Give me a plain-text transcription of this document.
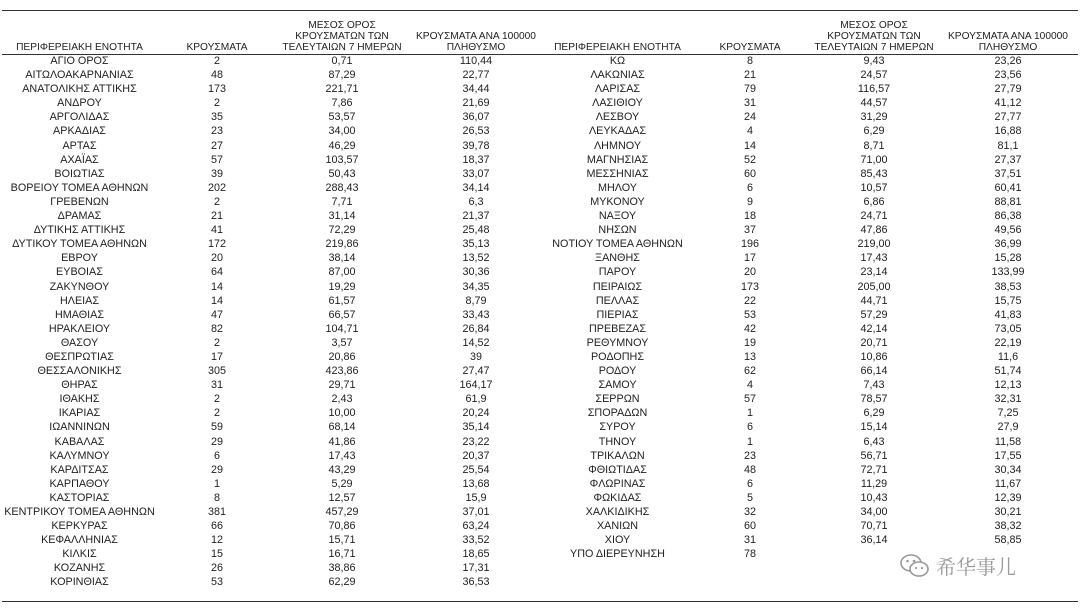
ΠΕΡΙΦΕΡΕΙΑΚΗ ΕΝΟΤΗΤΑ	ΚΡΟΥΣΜΑΤΑ	ΜΕΣΟΣ ΟΡΟΣ ΚΡΟΥΣΜΑΤΩΝ ΤΩΝ ΤΕΛΕΥΤΑΙΩΝ 7 ΗΜΕΡΩΝ	ΚΡΟΥΣΜΑΤΑ ΑΝΑ 100000 ΠΛΗΘΥΣΜΟ
ΑΓΙΟ ΟΡΟΣ	2	0,71	110,44
ΑΙΤΩΛΟΑΚΑΡΝΑΝΙΑΣ	48	87,29	22,77
ΑΝΑΤΟΛΙΚΗΣ ΑΤΤΙΚΗΣ	173	221,71	34,44
ΑΝΔΡΟΥ	2	7,86	21,69
ΑΡΓΟΛΙΔΑΣ	35	53,57	36,07
ΑΡΚΑΔΙΑΣ	23	34,00	26,53
ΑΡΤΑΣ	27	46,29	39,78
ΑΧΑΪΑΣ	57	103,57	18,37
ΒΟΙΩΤΙΑΣ	39	50,43	33,07
ΒΟΡΕΙΟΥ ΤΟΜΕΑ ΑΘΗΝΩΝ	202	288,43	34,14
ΓΡΕΒΕΝΩΝ	2	7,71	6,3
ΔΡΑΜΑΣ	21	31,14	21,37
ΔΥΤΙΚΗΣ ΑΤΤΙΚΗΣ	41	72,29	25,48
ΔΥΤΙΚΟΥ ΤΟΜΕΑ ΑΘΗΝΩΝ	172	219,86	35,13
ΕΒΡΟΥ	20	38,14	13,52
ΕΥΒΟΙΑΣ	64	87,00	30,36
ΖΑΚΥΝΘΟΥ	14	19,29	34,35
ΗΛΕΙΑΣ	14	61,57	8,79
ΗΜΑΘΙΑΣ	47	66,57	33,43
ΗΡΑΚΛΕΙΟΥ	82	104,71	26,84
ΘΑΣΟΥ	2	3,57	14,52
ΘΕΣΠΡΩΤΙΑΣ	17	20,86	39
ΘΕΣΣΑΛΟΝΙΚΗΣ	305	423,86	27,47
ΘΗΡΑΣ	31	29,71	164,17
ΙΘΑΚΗΣ	2	2,43	61,9
ΙΚΑΡΙΑΣ	2	10,00	20,24
ΙΩΑΝΝΙΝΩΝ	59	68,14	35,14
ΚΑΒΑΛΑΣ	29	41,86	23,22
ΚΑΛΥΜΝΟΥ	6	17,43	20,37
ΚΑΡΔΙΤΣΑΣ	29	43,29	25,54
ΚΑΡΠΑΘΟΥ	1	5,29	13,68
ΚΑΣΤΟΡΙΑΣ	8	12,57	15,9
ΚΕΝΤΡΙΚΟΥ ΤΟΜΕΑ ΑΘΗΝΩΝ	381	457,29	37,01
ΚΕΡΚΥΡΑΣ	66	70,86	63,24
ΚΕΦΑΛΛΗΝΙΑΣ	12	15,71	33,52
ΚΙΛΚΙΣ	15	16,71	18,65
ΚΟΖΑΝΗΣ	26	38,86	17,31
ΚΟΡΙΝΘΙΑΣ	53	62,29	36,53
ΠΕΡΙΦΕΡΕΙΑΚΗ ΕΝΟΤΗΤΑ	ΚΡΟΥΣΜΑΤΑ	ΜΕΣΟΣ ΟΡΟΣ ΚΡΟΥΣΜΑΤΩΝ ΤΩΝ ΤΕΛΕΥΤΑΙΩΝ 7 ΗΜΕΡΩΝ	ΚΡΟΥΣΜΑΤΑ ΑΝΑ 100000 ΠΛΗΘΥΣΜΟ
ΚΩ	8	9,43	23,26
ΛΑΚΩΝΙΑΣ	21	24,57	23,56
ΛΑΡΙΣΑΣ	79	116,57	27,79
ΛΑΣΙΘΙΟΥ	31	44,57	41,12
ΛΕΣΒΟΥ	24	31,29	27,77
ΛΕΥΚΑΔΑΣ	4	6,29	16,88
ΛΗΜΝΟΥ	14	8,71	81,1
ΜΑΓΝΗΣΙΑΣ	52	71,00	27,37
ΜΕΣΣΗΝΙΑΣ	60	85,43	37,51
ΜΗΛΟΥ	6	10,57	60,41
ΜΥΚΟΝΟΥ	9	6,86	88,81
ΝΑΞΟΥ	18	24,71	86,38
ΝΗΣΩΝ	37	47,86	49,56
ΝΟΤΙΟΥ ΤΟΜΕΑ ΑΘΗΝΩΝ	196	219,00	36,99
ΞΑΝΘΗΣ	17	17,43	15,28
ΠΑΡΟΥ	20	23,14	133,99
ΠΕΙΡΑΙΩΣ	173	205,00	38,53
ΠΕΛΛΑΣ	22	44,71	15,75
ΠΙΕΡΙΑΣ	53	57,29	41,83
ΠΡΕΒΕΖΑΣ	42	42,14	73,05
ΡΕΘΥΜΝΟΥ	19	20,71	22,19
ΡΟΔΟΠΗΣ	13	10,86	11,6
ΡΟΔΟΥ	62	66,14	51,74
ΣΑΜΟΥ	4	7,43	12,13
ΣΕΡΡΩΝ	57	78,57	32,31
ΣΠΟΡΑΔΩΝ	1	6,29	7,25
ΣΥΡΟΥ	6	15,14	27,9
ΤΗΝΟΥ	1	6,43	11,58
ΤΡΙΚΑΛΩΝ	23	56,71	17,55
ΦΘΙΩΤΙΔΑΣ	48	72,71	30,34
ΦΛΩΡΙΝΑΣ	6	11,29	11,67
ΦΩΚΙΔΑΣ	5	10,43	12,39
ΧΑΛΚΙΔΙΚΗΣ	32	34,00	30,21
ΧΑΝΙΩΝ	60	70,71	38,32
ΧΙΟΥ	31	36,14	58,85
ΥΠΟ ΔΙΕΡΕΥΝΗΣΗ	78		
希华事儿
